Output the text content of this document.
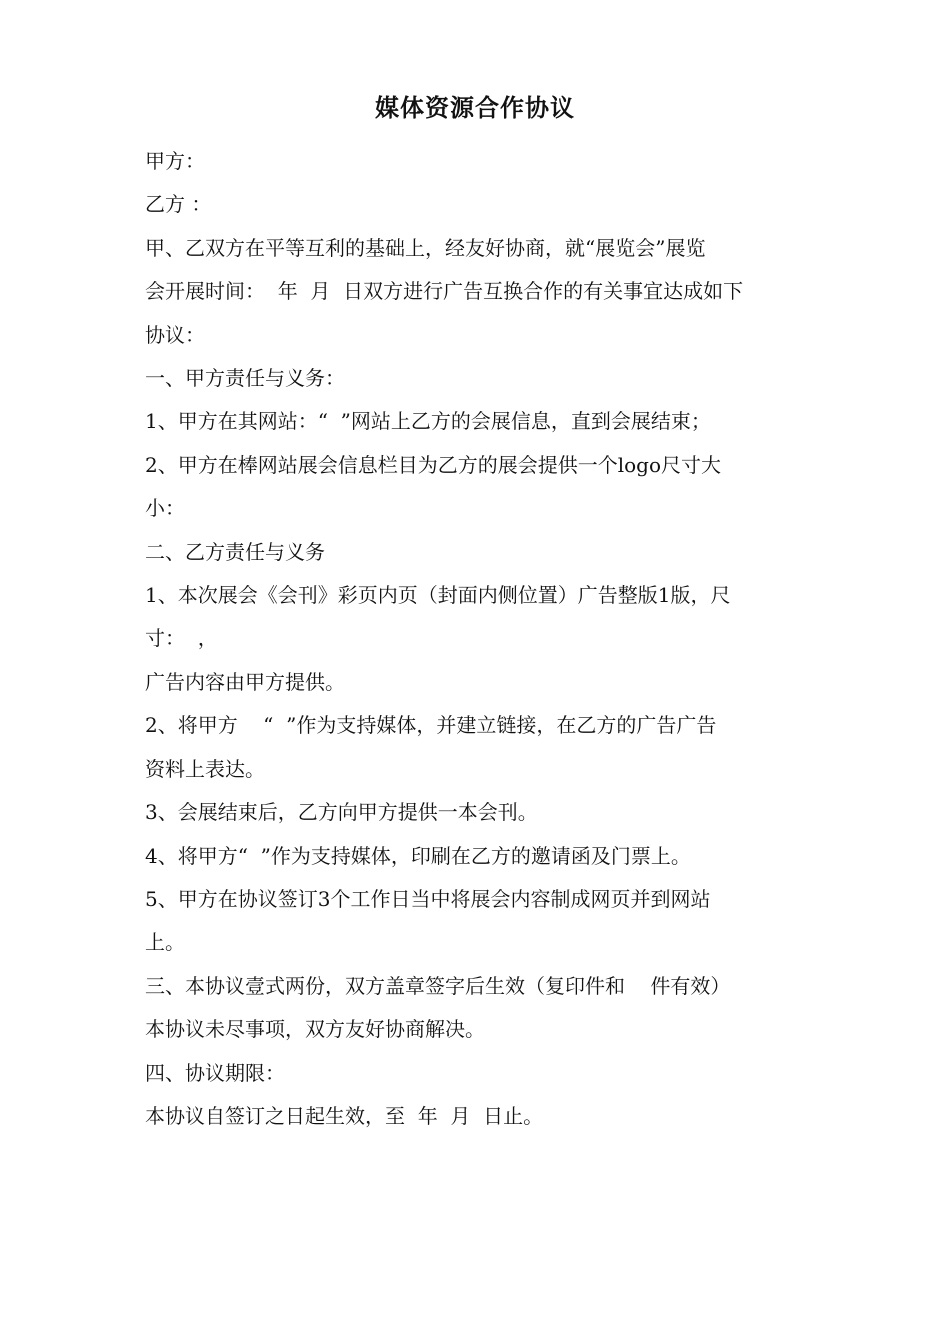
媒体资源合作协议
甲方：
乙方 ：
甲、乙双方在平等互利的基础上，经友好协商，就“展览会”展览
会开展时间：  年  月  日双方进行广告互换合作的有关事宜达成如下
协议：
一、甲方责任与义务：
1、甲方在其网站：“  ”网站上乙方的会展信息，直到会展结束；
2、甲方在棒网站展会信息栏目为乙方的展会提供一个logo尺寸大
小：
二、乙方责任与义务
1、本次展会《会刊》彩页内页（封面内侧位置）广告整版1版，尺
寸：  ，
广告内容由甲方提供。
2、将甲方    “  ”作为支持媒体，并建立链接，在乙方的广告广告
资料上表达。
3、会展结束后，乙方向甲方提供一本会刊。
4、将甲方“  ”作为支持媒体，印刷在乙方的邀请函及门票上。
5、甲方在协议签订3个工作日当中将展会内容制成网页并到网站
上。
三、本协议壹式两份，双方盖章签字后生效（复印件和    件有效）
本协议未尽事项，双方友好协商解决。
四、协议期限：
本协议自签订之日起生效，至  年  月  日止。
